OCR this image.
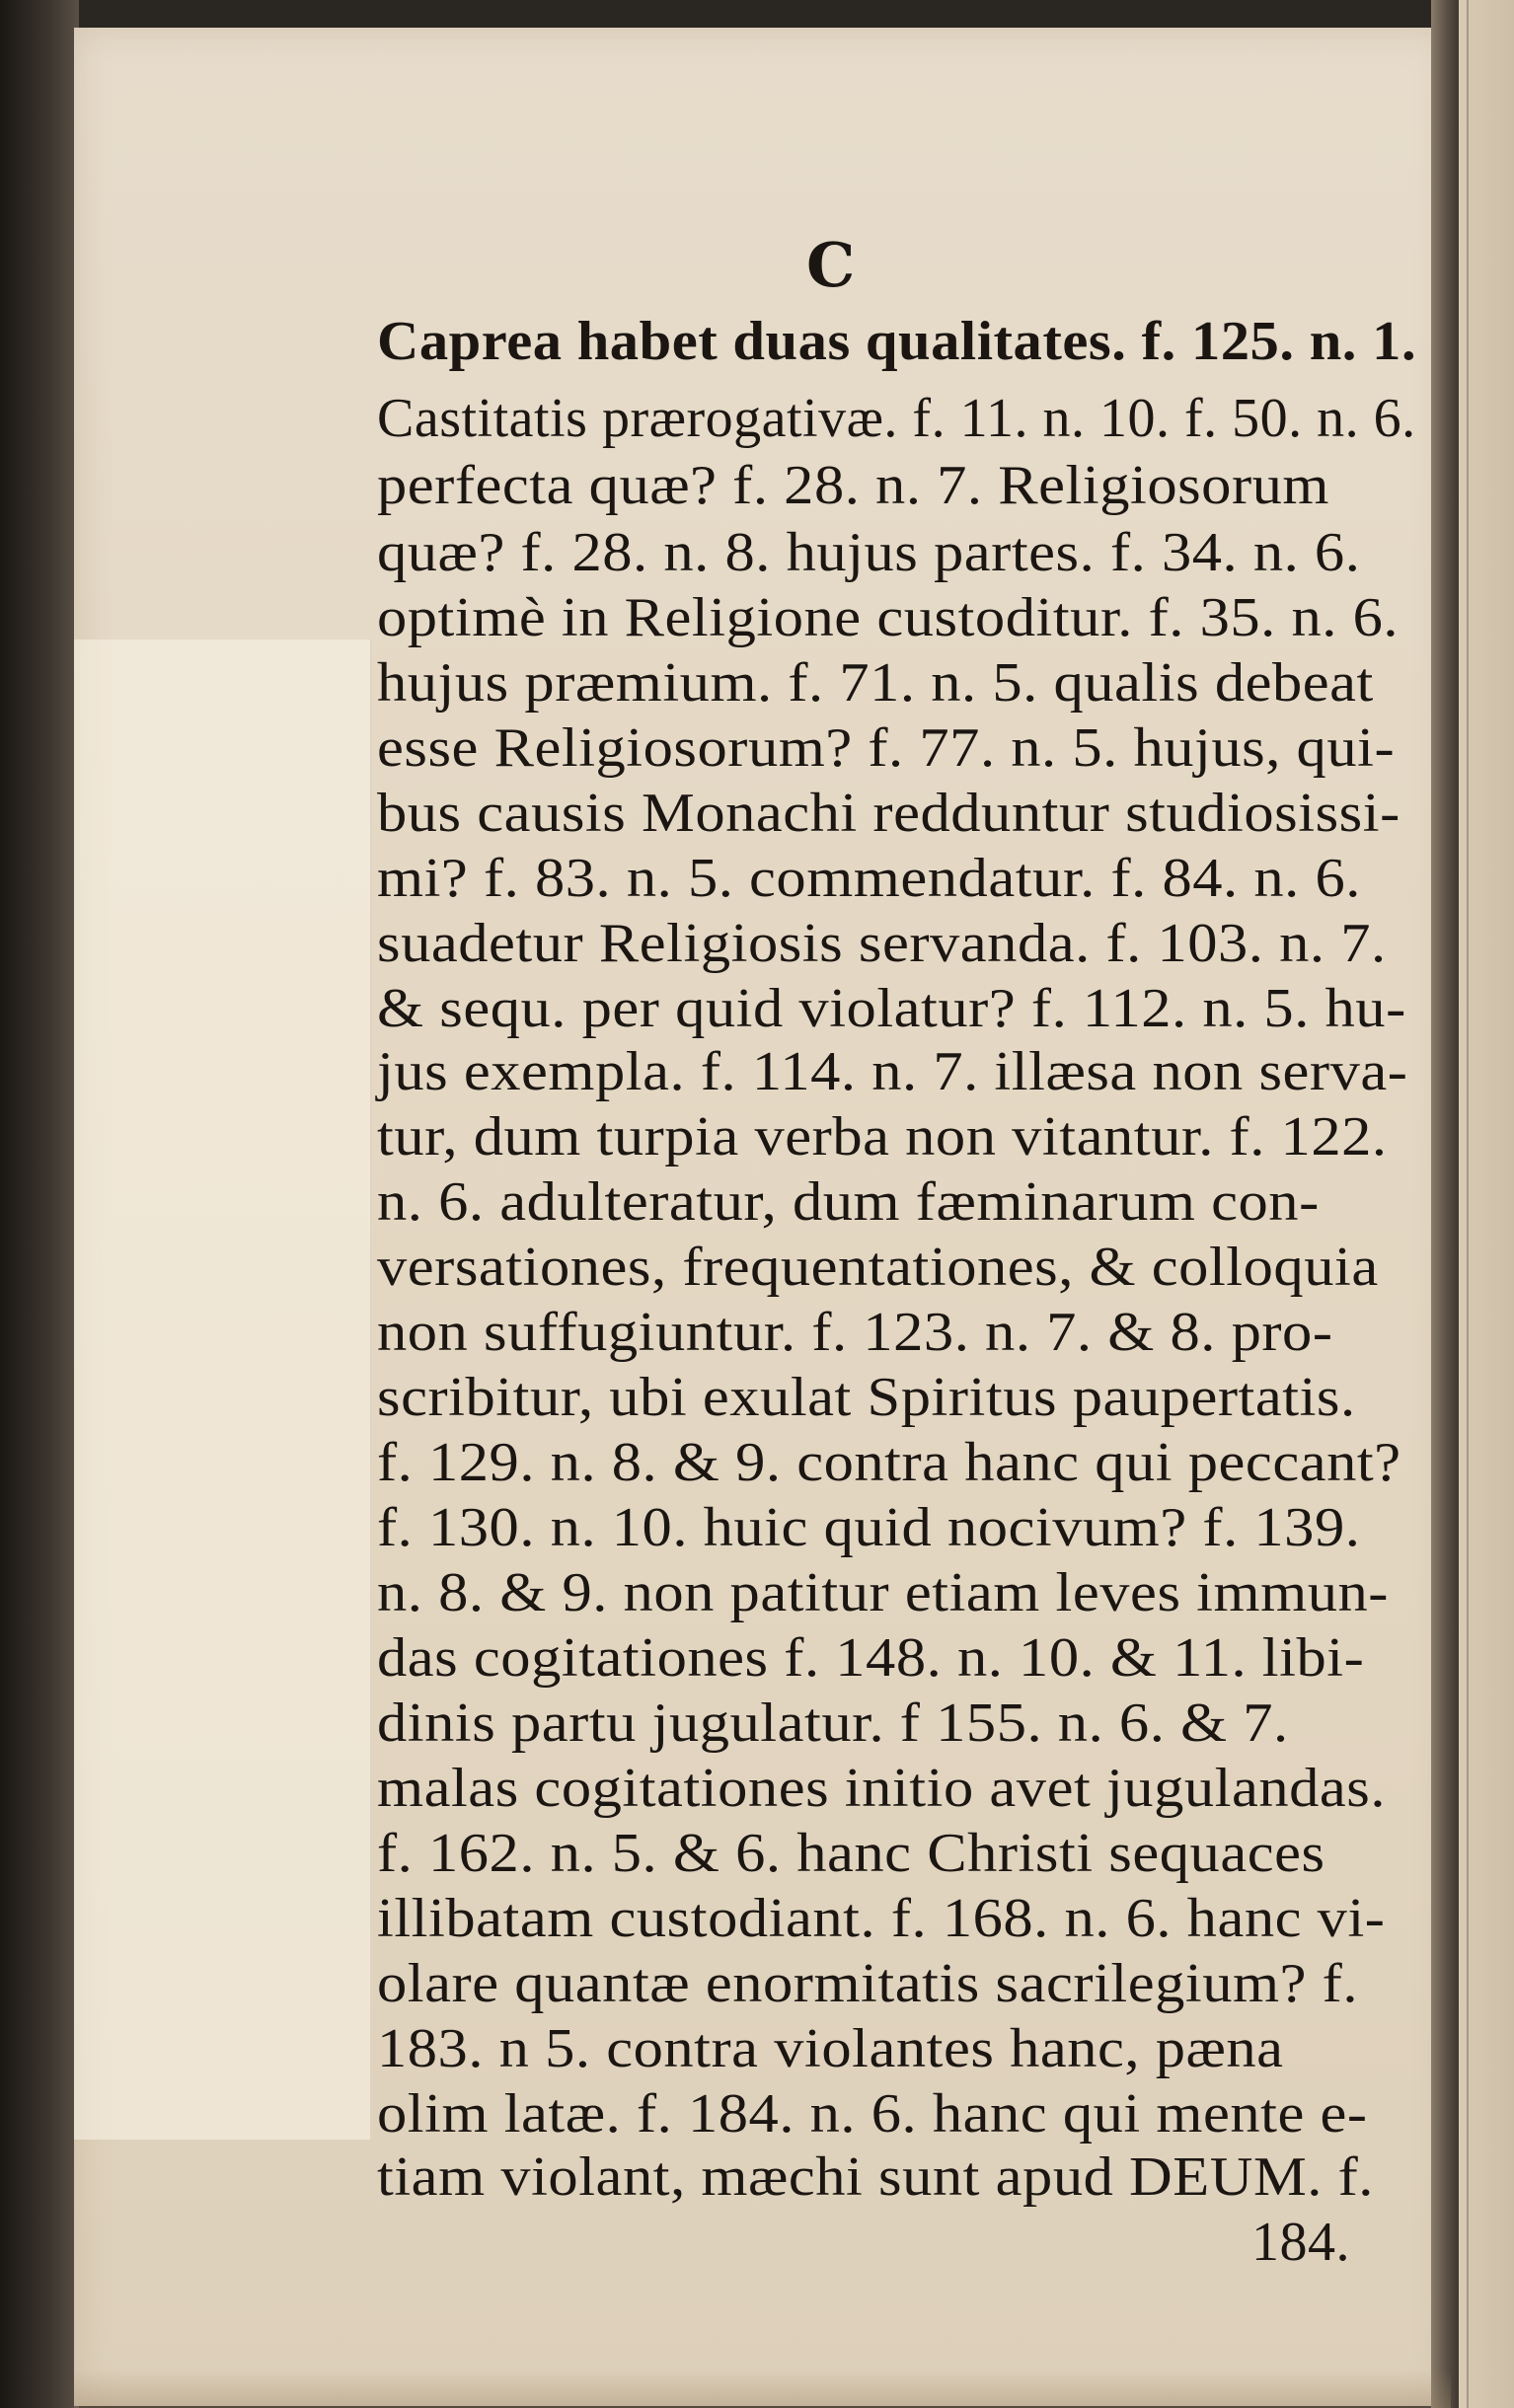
C
Caprea habet duas qualitates. f. 125. n. 1.
Castitatis prærogativæ. f. 11. n. 10. f. 50. n. 6.
perfecta quæ? f. 28. n. 7. Religiosorum
quæ? f. 28. n. 8. hujus partes. f. 34. n. 6.
optimè in Religione custoditur. f. 35. n. 6.
hujus præmium. f. 71. n. 5. qualis debeat
esse Religiosorum? f. 77. n. 5. hujus, qui-
bus causis Monachi redduntur studiosissi-
mi? f. 83. n. 5. commendatur. f. 84. n. 6.
suadetur Religiosis servanda. f. 103. n. 7.
& sequ. per quid violatur? f. 112. n. 5. hu-
jus exempla. f. 114. n. 7. illæsa non serva-
tur, dum turpia verba non vitantur. f. 122.
n. 6. adulteratur, dum fæminarum con-
versationes, frequentationes, & colloquia
non suffugiuntur. f. 123. n. 7. & 8. pro-
scribitur, ubi exulat Spiritus paupertatis.
f. 129. n. 8. & 9. contra hanc qui peccant?
f. 130. n. 10. huic quid nocivum? f. 139.
n. 8. & 9. non patitur etiam leves immun-
das cogitationes f. 148. n. 10. & 11. libi-
dinis partu jugulatur. f 155. n. 6. & 7.
malas cogitationes initio avet jugulandas.
f. 162. n. 5. & 6. hanc Christi sequaces
illibatam custodiant. f. 168. n. 6. hanc vi-
olare quantæ enormitatis sacrilegium? f.
183. n 5. contra violantes hanc, pæna
olim latæ. f. 184. n. 6. hanc qui mente e-
tiam violant, mæchi sunt apud DEUM. f.
184.
